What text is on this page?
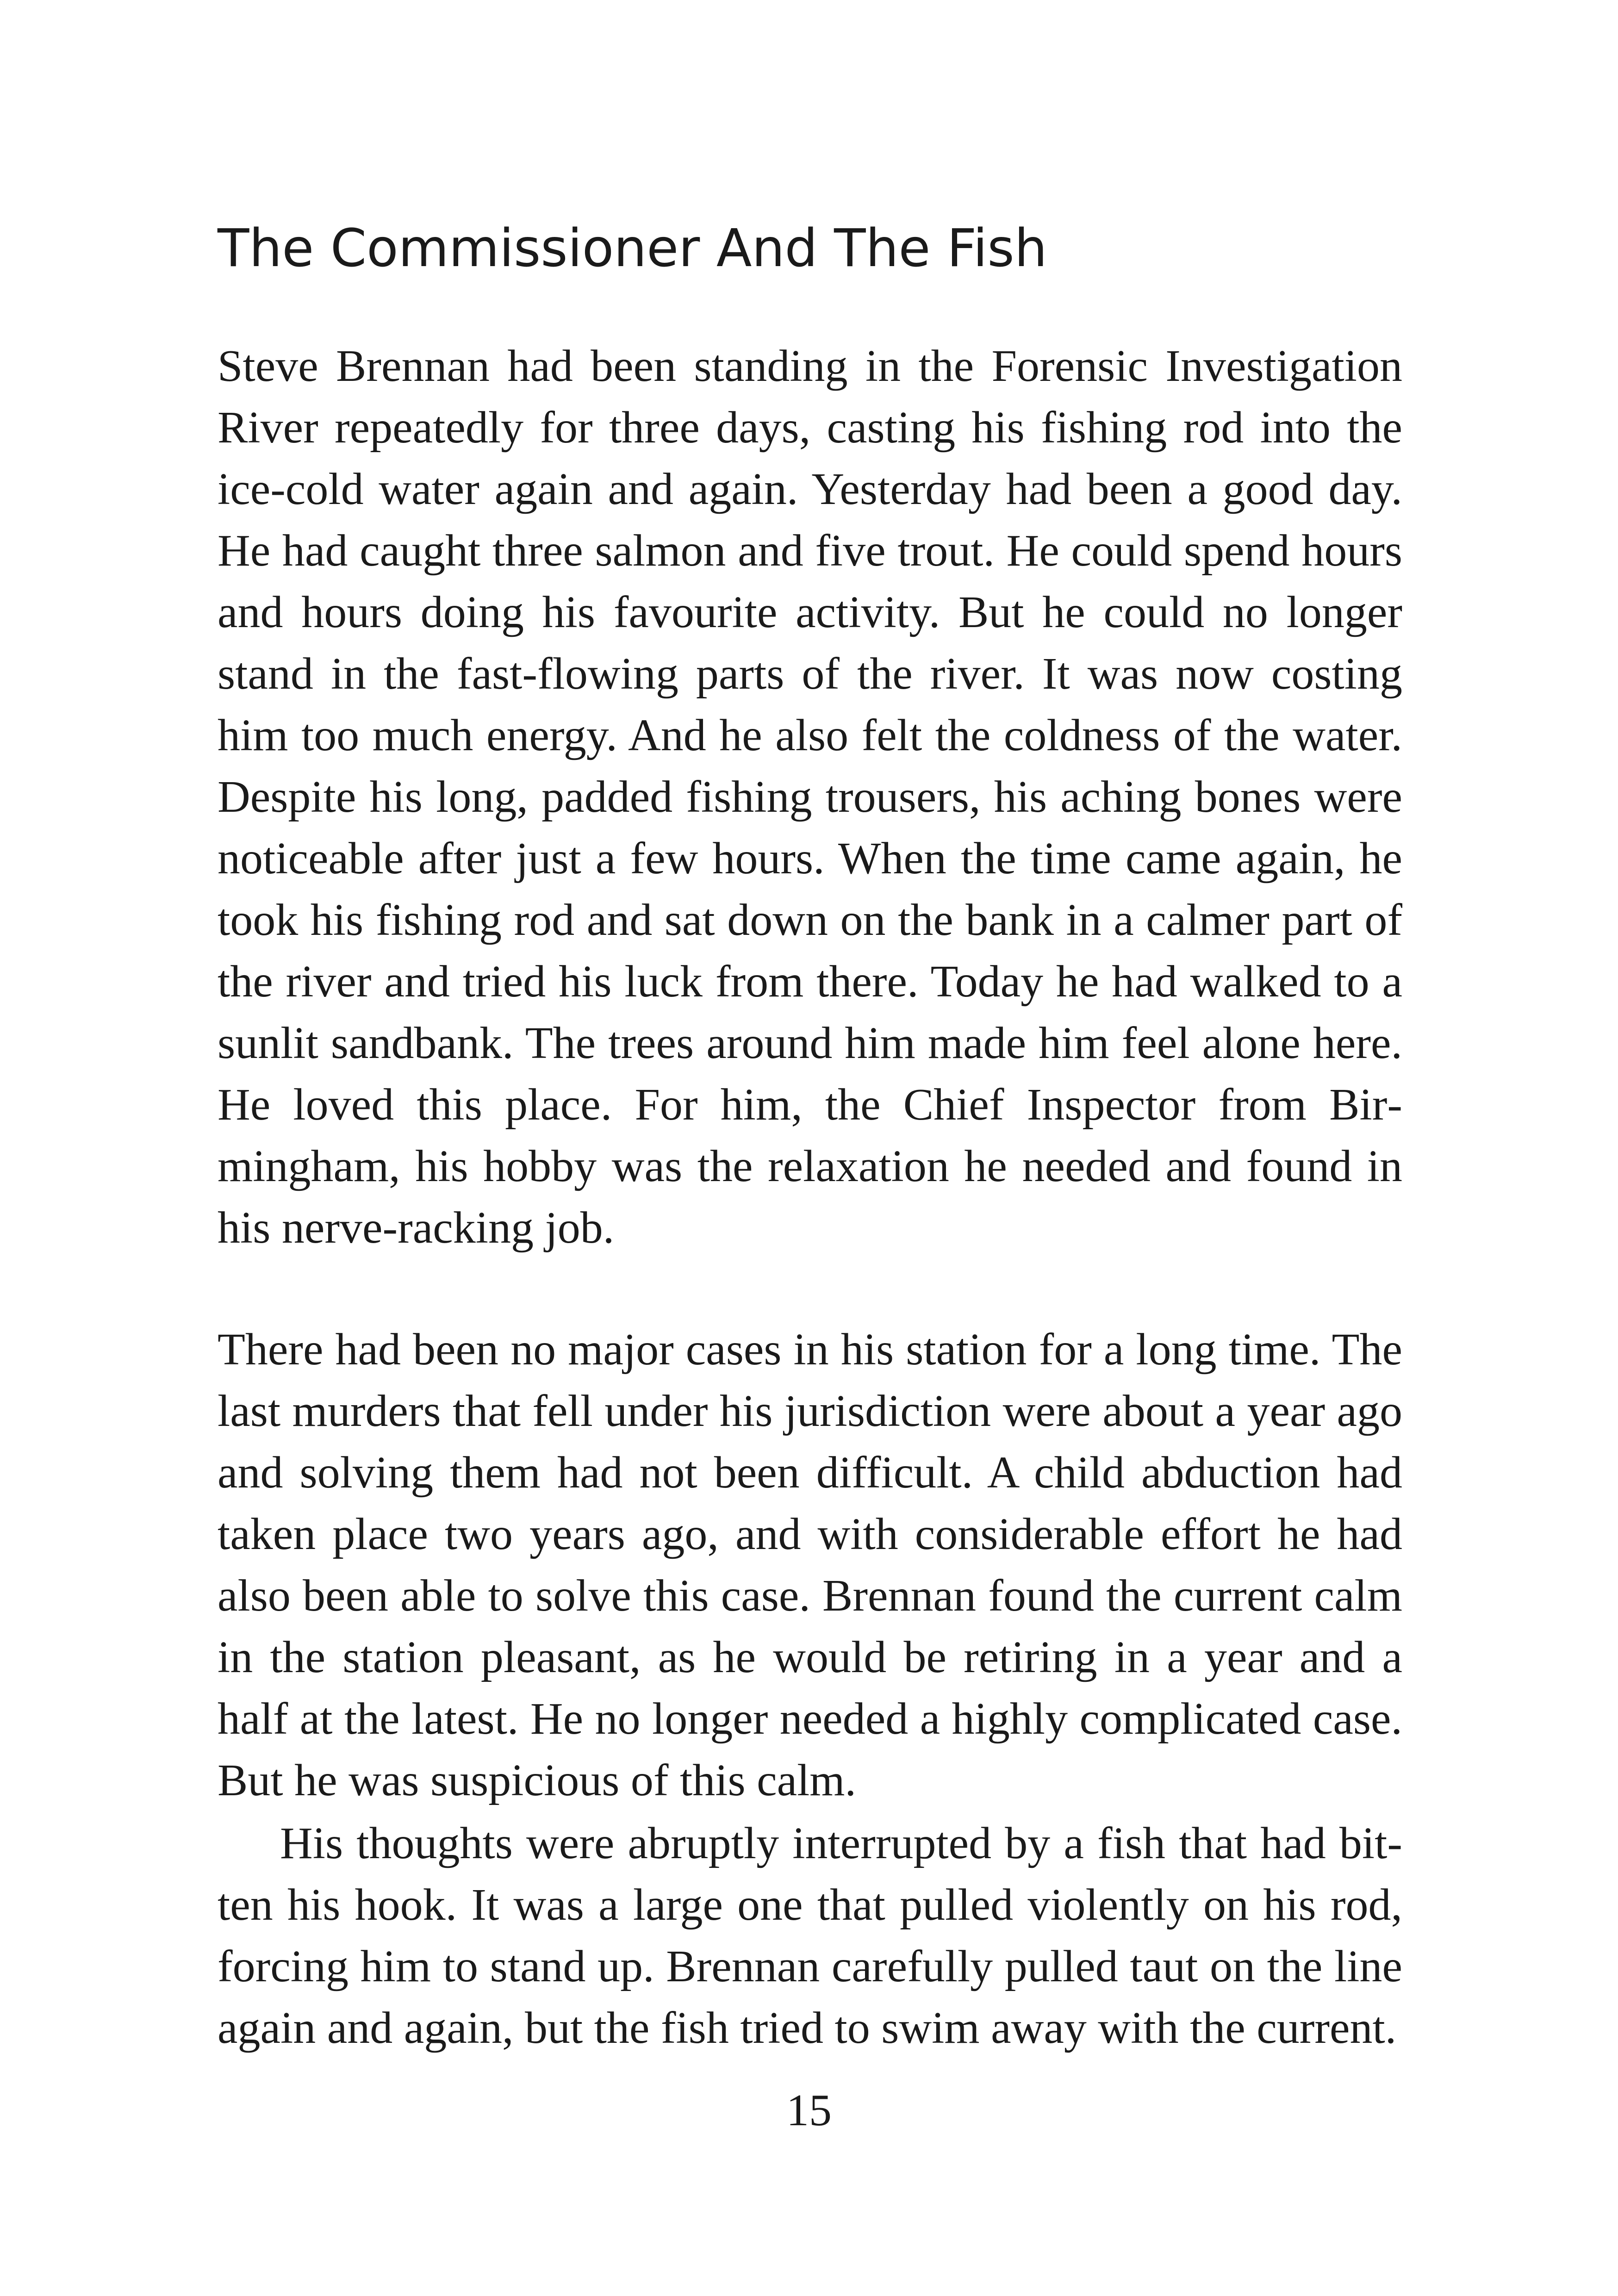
The Commissioner And The Fish

Steve Brennan had been standing in the Forensic Investigation River repeatedly for three days, casting his fishing rod into the ice-cold water again and again. Yesterday had been a good day. He had caught three salmon and five trout. He could spend hours and hours doing his favourite activity. But he could no longer stand in the fast-flowing parts of the river. It was now costing him too much energy. And he also felt the coldness of the water. Despite his long, padded fishing trousers, his aching bones were noticeable after just a few hours. When the time came again, he took his fishing rod and sat down on the bank in a calmer part of the river and tried his luck from there. Today he had walked to a sunlit sandbank. The trees around him made him feel alone here. He loved this place. For him, the Chief Inspector from Birmingham, his hobby was the relaxation he needed and found in his nerve-racking job.

There had been no major cases in his station for a long time. The last murders that fell under his jurisdiction were about a year ago and solving them had not been difficult. A child abduction had taken place two years ago, and with considerable effort he had also been able to solve this case. Brennan found the current calm in the station pleasant, as he would be retiring in a year and a half at the latest. He no longer needed a highly complicated case. But he was suspicious of this calm.

His thoughts were abruptly interrupted by a fish that had bitten his hook. It was a large one that pulled violently on his rod, forcing him to stand up. Brennan carefully pulled taut on the line again and again, but the fish tried to swim away with the current.

15
